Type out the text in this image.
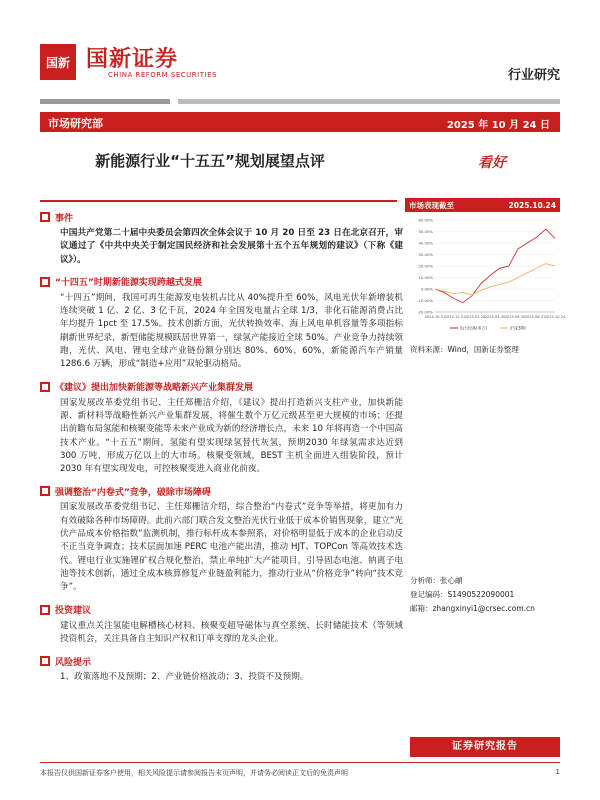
国新 国新证券
CHINA REFORM SECURITIES	行业研究
市场研究部	2025 年 10 月 24 日
新能源行业“十五五”规划展望点评	看好
事件
中国共产党第二十届中央委员会第四次全体会议于 10 月 20 日至 23 日在北京召开，审议通过了《中共中央关于制定国民经济和社会发展第十五个五年规划的建议》（下称《建议》）。
“十四五”时期新能源实现跨越式发展
“十四五”期间，我国可再生能源发电装机占比从 40%提升至 60%，风电光伏年新增装机连续突破 1 亿、2 亿、3 亿千瓦，2024 年全国发电量占全球 1/3，非化石能源消费占比年均提升 1pct 至 17.5%。技术创新方面，光伏转换效率、海上风电单机容量等多项指标刷新世界纪录，新型储能规模跃居世界第一，绿氢产能接近全球 50%。产业竞争力持续领跑，光伏、风电、锂电全球产业链份额分别达 80%、60%、60%，新能源汽车产销量 1286.6 万辆，形成“制造+应用”双轮驱动格局。
《建议》提出加快新能源等战略新兴产业集群发展
国家发展改革委党组书记、主任郑栅洁介绍，《建议》提出打造新兴支柱产业，加快新能源、新材料等战略性新兴产业集群发展，将催生数个万亿元级甚至更大规模的市场；还提出前瞻布局氢能和核聚变能等未来产业成为新的经济增长点，未来 10 年将再造一个中国高技术产业。“十五五”期间，氢能有望实现绿氢替代灰氢，预期2030 年绿氢需求达近到 300 万吨，形成万亿以上的大市场。核聚变领域，BEST 主机全面进入组装阶段，预计2030 年有望实现发电，可控核聚变进入商业化前夜。
强调整治“内卷式”竞争，破除市场障碍
国家发展改革委党组书记、主任郑栅洁介绍，综合整治“内卷式”竞争等举措，将更加有力有效破除各种市场障碍。此前六部门联合发文整治光伏行业低于成本价销售现象，建立“光伏产品成本价格指数”监测机制，推行标杆成本参照系，对价格明显低于成本的企业启动反不正当竞争调查；技术层面加速 PERC 电池产能出清，推动 HJT、TOPCon 等高效技术迭代。锂电行业实施锂矿权合规化整治，禁止单纯扩大产能项目，引导固态电池、钠离子电池等技术创新，通过全成本核算修复产业链盈利能力，推动行业从“价格竞争”转向“技术竞争”。
投资建议
建议重点关注氢能电解槽核心材料、核聚变超导磁体与真空系统、长时储能技术（等领域投资机会，关注具备自主知识产权和订单支撑的龙头企业。
风险提示
1、政策落地不及预期；2、产业链价格波动；3、投资不及预期。
市场表现截至	2025.10.24
-20.00%
-10.00%
0.00%
10.00%
20.00%
30.00%
40.00%
50.00%
60.00%
2024-10-31 2024-12-31 2025-02-28 2025-04-30 2025-06-30 2025-08-31 2025-10-24
电力设备(申万)	沪深300
资料来源：Wind，国新证券整理
分析师：张心頔
登记编码：S1490522090001
邮箱：zhangxinyi1@crsec.com.cn
证券研究报告
本报告仅供国新证券客户使用，相关风险提示请参阅报告末页声明，并请务必阅读正文后的免责声明	1
